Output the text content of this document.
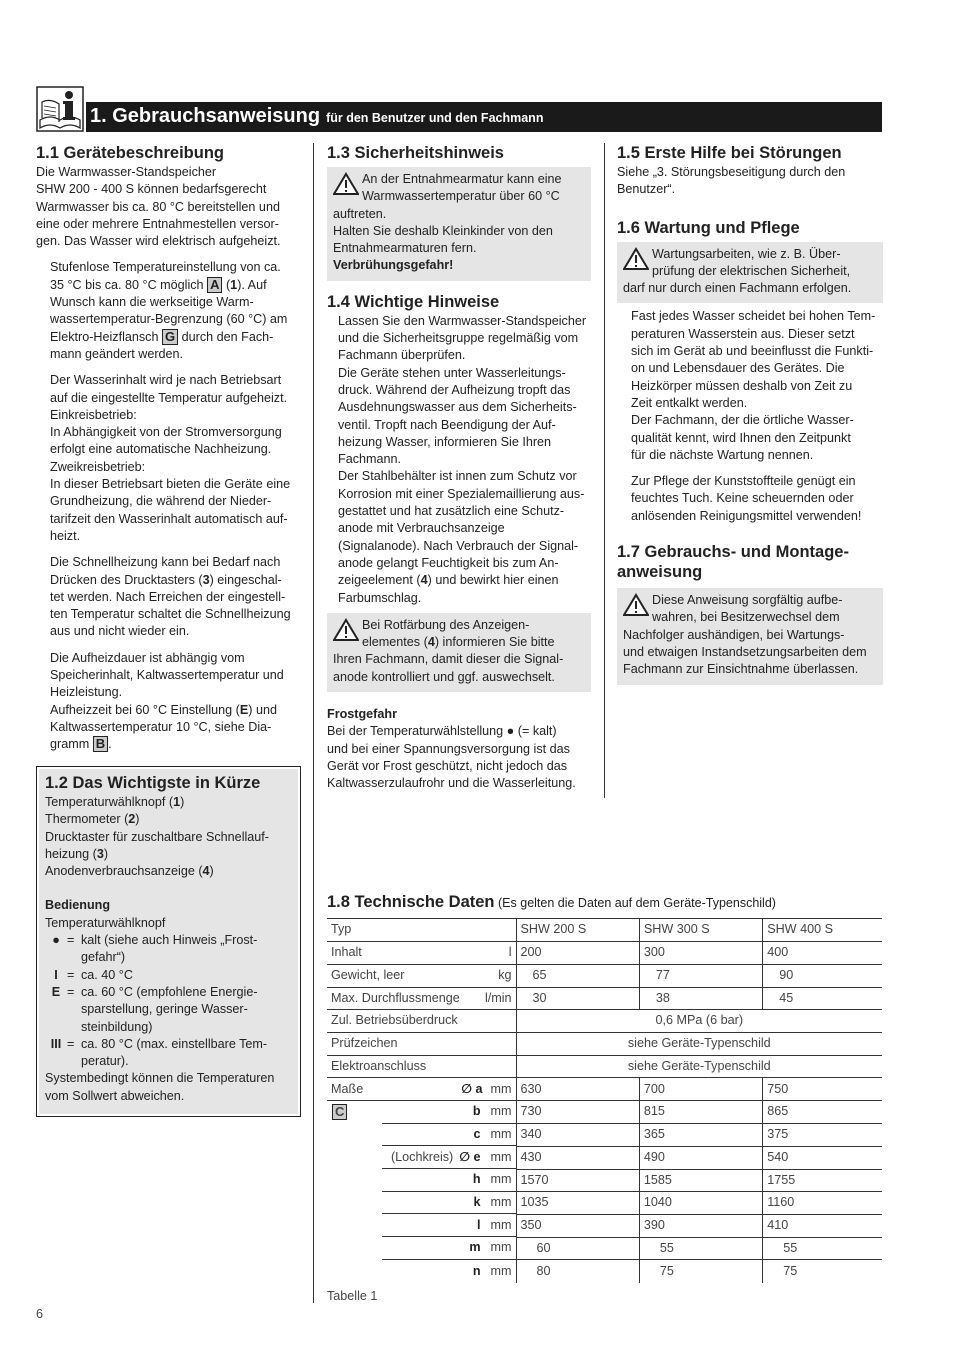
1. Gebrauchsanweisung für den Benutzer und den Fachmann
1.1 Gerätebeschreibung

Die Warmwasser-Standspeicher
SHW 200 - 400 S können bedarfsgerecht
Warmwasser bis ca. 80 °C bereitstellen und
eine oder mehrere Entnahmestellen versor-
gen. Das Wasser wird elektrisch aufgeheizt.

Stufenlose Temperatureinstellung von ca.
35 °C bis ca. 80 °C möglich A (1). Auf
Wunsch kann die werkseitige Warm-
wassertemperatur-Begrenzung (60 °C) am
Elektro-Heizflansch G durch den Fach-
mann geändert werden.
Der Wasserinhalt wird je nach Betriebsart
auf die eingestellte Temperatur aufgeheizt.
Einkreisbetrieb:
In Abhängigkeit von der Stromversorgung
erfolgt eine automatische Nachheizung.
Zweikreisbetrieb:
In dieser Betriebsart bieten die Geräte eine
Grundheizung, die während der Nieder-
tarifzeit den Wasserinhalt automatisch auf-
heizt.
Die Schnellheizung kann bei Bedarf nach
Drücken des Drucktasters (3) eingeschal-
tet werden. Nach Erreichen der eingestell-
ten Temperatur schaltet die Schnellheizung
aus und nicht wieder ein.
Die Aufheizdauer ist abhängig vom
Speicherinhalt, Kaltwassertemperatur und
Heizleistung.
Aufheizzeit bei 60 °C Einstellung (E) und
Kaltwassertemperatur 10 °C, siehe Dia-
gramm B .
1.2 Das Wichtigste in Kürze

Temperaturwählknopf (1)
Thermometer (2)
Drucktaster für zuschaltbare Schnellauf-
heizung (3)
Anodenverbrauchsanzeige (4)

Bedienung

Temperaturwählknopf

● = kalt (siehe auch Hinweis „Frost-
gefahr“)
I = ca. 40 °C
E = ca. 60 °C (empfohlene Energie-
sparstellung, geringe Wasser-
steinbildung)
III = ca. 80 °C (max. einstellbare Tem-
peratur).

Systembedingt können die Temperaturen
vom Sollwert abweichen.

1.3 Sicherheitshinweis
An der Entnahmearmatur kann eine
Warmwassertemperatur über 60 °C
auftreten.
Halten Sie deshalb Kleinkinder von den
Entnahmearmaturen fern.
Verbrühungsgefahr!
1.4 Wichtige Hinweise
Lassen Sie den Warmwasser-Standspeicher
und die Sicherheitsgruppe regelmäßig vom
Fachmann überprüfen.
Die Geräte stehen unter Wasserleitungs-
druck. Während der Aufheizung tropft das
Ausdehnungswasser aus dem Sicherheits-
ventil. Tropft nach Beendigung der Auf-
heizung Wasser, informieren Sie Ihren
Fachmann.
Der Stahlbehälter ist innen zum Schutz vor
Korrosion mit einer Spezialemaillierung aus-
gestattet und hat zusätzlich eine Schutz-
anode mit Verbrauchsanzeige
(Signalanode). Nach Verbrauch der Signal-
anode gelangt Feuchtigkeit bis zum An-
zeigeelement (4) und bewirkt hier einen
Farbumschlag.
Bei Rotfärbung des Anzeigen-
elementes (4) informieren Sie bitte
Ihren Fachmann, damit dieser die Signal-
anode kontrolliert und ggf. auswechselt.

Frostgefahr

Bei der Temperaturwählstellung ● (= kalt)
und bei einer Spannungsversorgung ist das
Gerät vor Frost geschützt, nicht jedoch das
Kaltwasserzulaufrohr und die Wasserleitung.

1.5 Erste Hilfe bei Störungen

Siehe „3. Störungsbeseitigung durch den
Benutzer“.

1.6 Wartung und Pflege
Wartungsarbeiten, wie z. B. Über-
prüfung der elektrischen Sicherheit,
darf nur durch einen Fachmann erfolgen.
Fast jedes Wasser scheidet bei hohen Tem-
peraturen Wasserstein aus. Dieser setzt
sich im Gerät ab und beeinflusst die Funkti-
on und Lebensdauer des Gerätes. Die
Heizkörper müssen deshalb von Zeit zu
Zeit entkalkt werden.
Der Fachmann, der die örtliche Wasser-
qualität kennt, wird Ihnen den Zeitpunkt
für die nächste Wartung nennen.
Zur Pflege der Kunststoffteile genügt ein
feuchtes Tuch. Keine scheuernden oder
anlösenden Reinigungsmittel verwenden!
1.7 Gebrauchs- und Montage-
anweisung
Diese Anweisung sorgfältig aufbe-
wahren, bei Besitzerwechsel dem
Nachfolger aushändigen, bei Wartungs-
und etwaigen Instandsetzungsarbeiten dem
Fachmann zur Einsichtnahme überlassen.
1.8 Technische Daten (Es gelten die Daten auf dem Geräte-Typenschild)
Typ	SHW 200 S	SHW 300 S	SHW 400 S
Inhalt l	200	300	400
Gewicht, leer kg	65	77	90
Max. Durchflussmenge l/min	30	38	45
Zul. Betriebsüberdruck	0,6 MPa (6 bar)		
Prüfzeichen	siehe Geräte-Typenschild		
Elektroanschluss	siehe Geräte-Typenschild		
Maße mm
∅ a	630	700	750

C b mm	730	815	865

c mm	340	365	375

(Lochkreis) ∅ e mm	430	490	540

h mm	1570	1585	1755

k mm	1035	1040	1160

l mm	350	390	410

m mm	60	55	55

n mm	80	75	75
Tabelle 1
6
